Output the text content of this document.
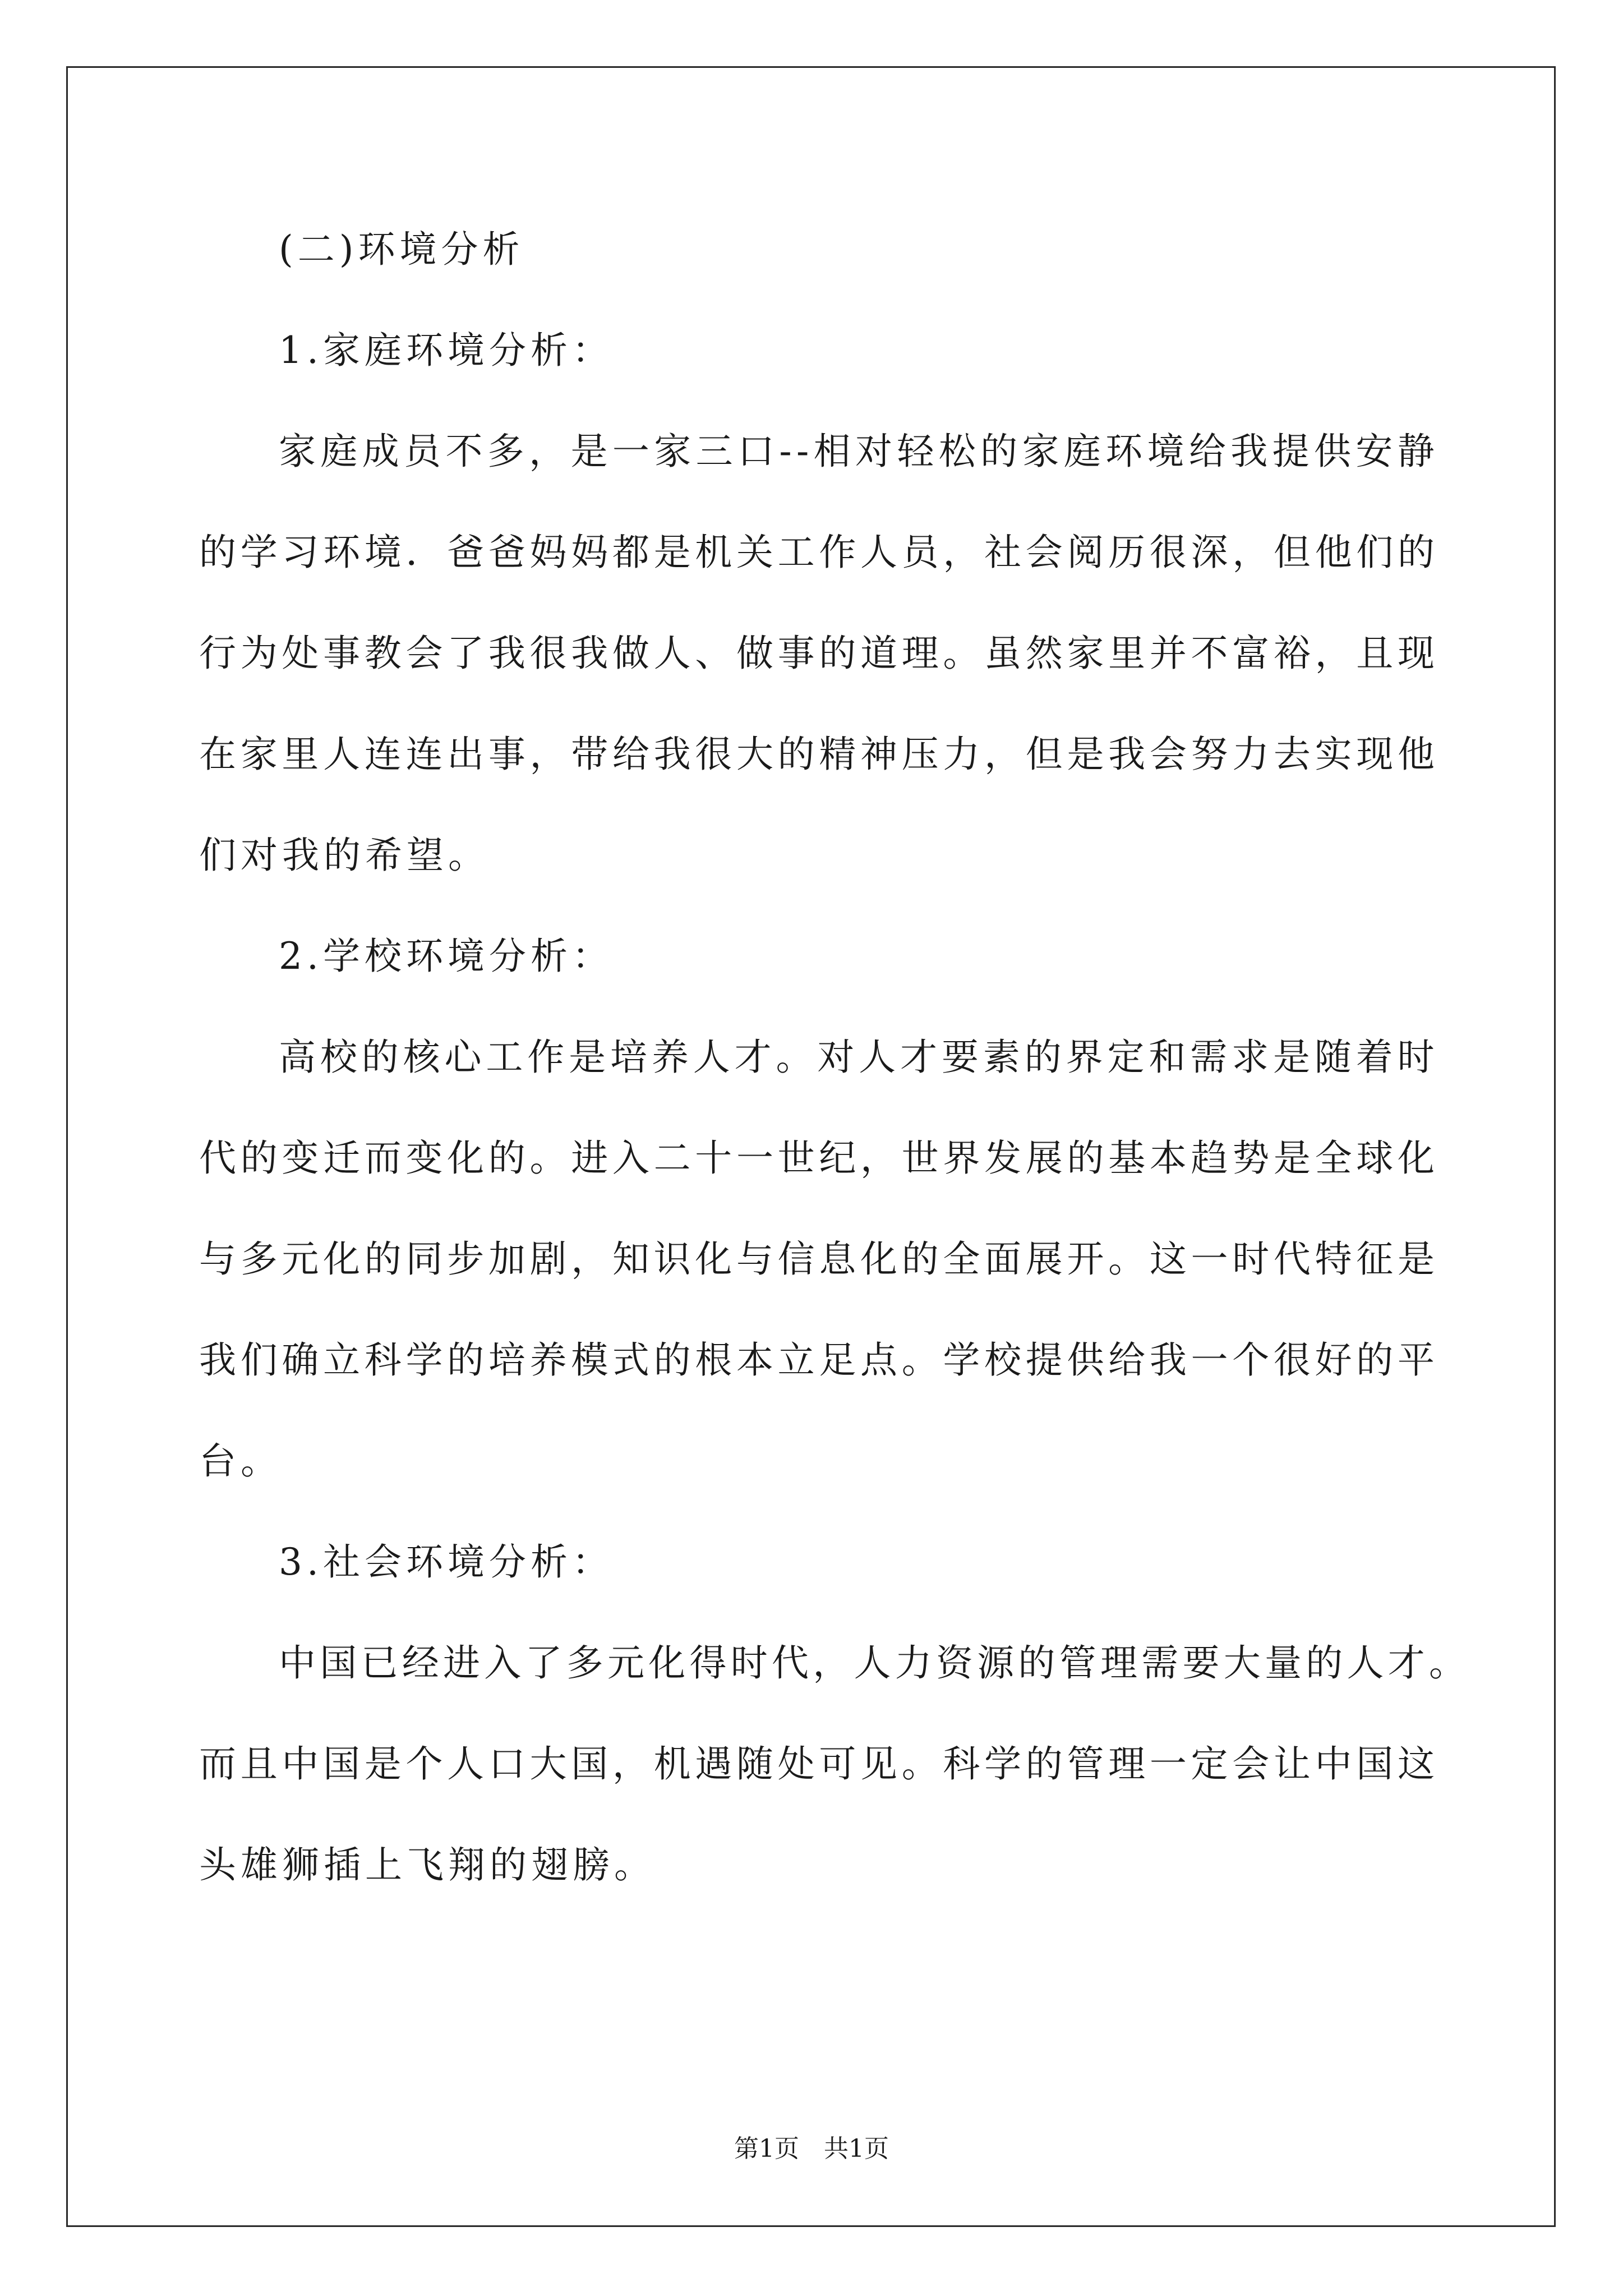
(二)环境分析
1.家庭环境分析：
家 庭 成 员 不 多 ， 是 一 家 三 口 - - 相 对 轻 松 的 家 庭 环 境 给 我 提 供 安 静
的 学 习 环 境 ． 爸 爸 妈 妈 都 是 机 关 工 作 人 员 ， 社 会 阅 历 很 深 ， 但 他 们 的
行 为 处 事 教 会 了 我 很 我 做 人 、 做 事 的 道 理 。 虽 然 家 里 并 不 富 裕 ， 且 现
在 家 里 人 连 连 出 事 ， 带 给 我 很 大 的 精 神 压 力 ， 但 是 我 会 努 力 去 实 现 他
们对我的希望。
2.学校环境分析：
高 校 的 核 心 工 作 是 培 养 人 才 。 对 人 才 要 素 的 界 定 和 需 求 是 随 着 时
代 的 变 迁 而 变 化 的 。 进 入 二 十 一 世 纪 ， 世 界 发 展 的 基 本 趋 势 是 全 球 化
与 多 元 化 的 同 步 加 剧 ， 知 识 化 与 信 息 化 的 全 面 展 开 。 这 一 时 代 特 征 是
我 们 确 立 科 学 的 培 养 模 式 的 根 本 立 足 点 。 学 校 提 供 给 我 一 个 很 好 的 平
台。
3.社会环境分析：
中 国 已 经 进 入 了 多 元 化 得 时 代 ， 人 力 资 源 的 管 理 需 要 大 量 的 人 才 。
而 且 中 国 是 个 人 口 大 国 ， 机 遇 随 处 可 见 。 科 学 的 管 理 一 定 会 让 中 国 这
头雄狮插上飞翔的翅膀。
第1页　共1页
